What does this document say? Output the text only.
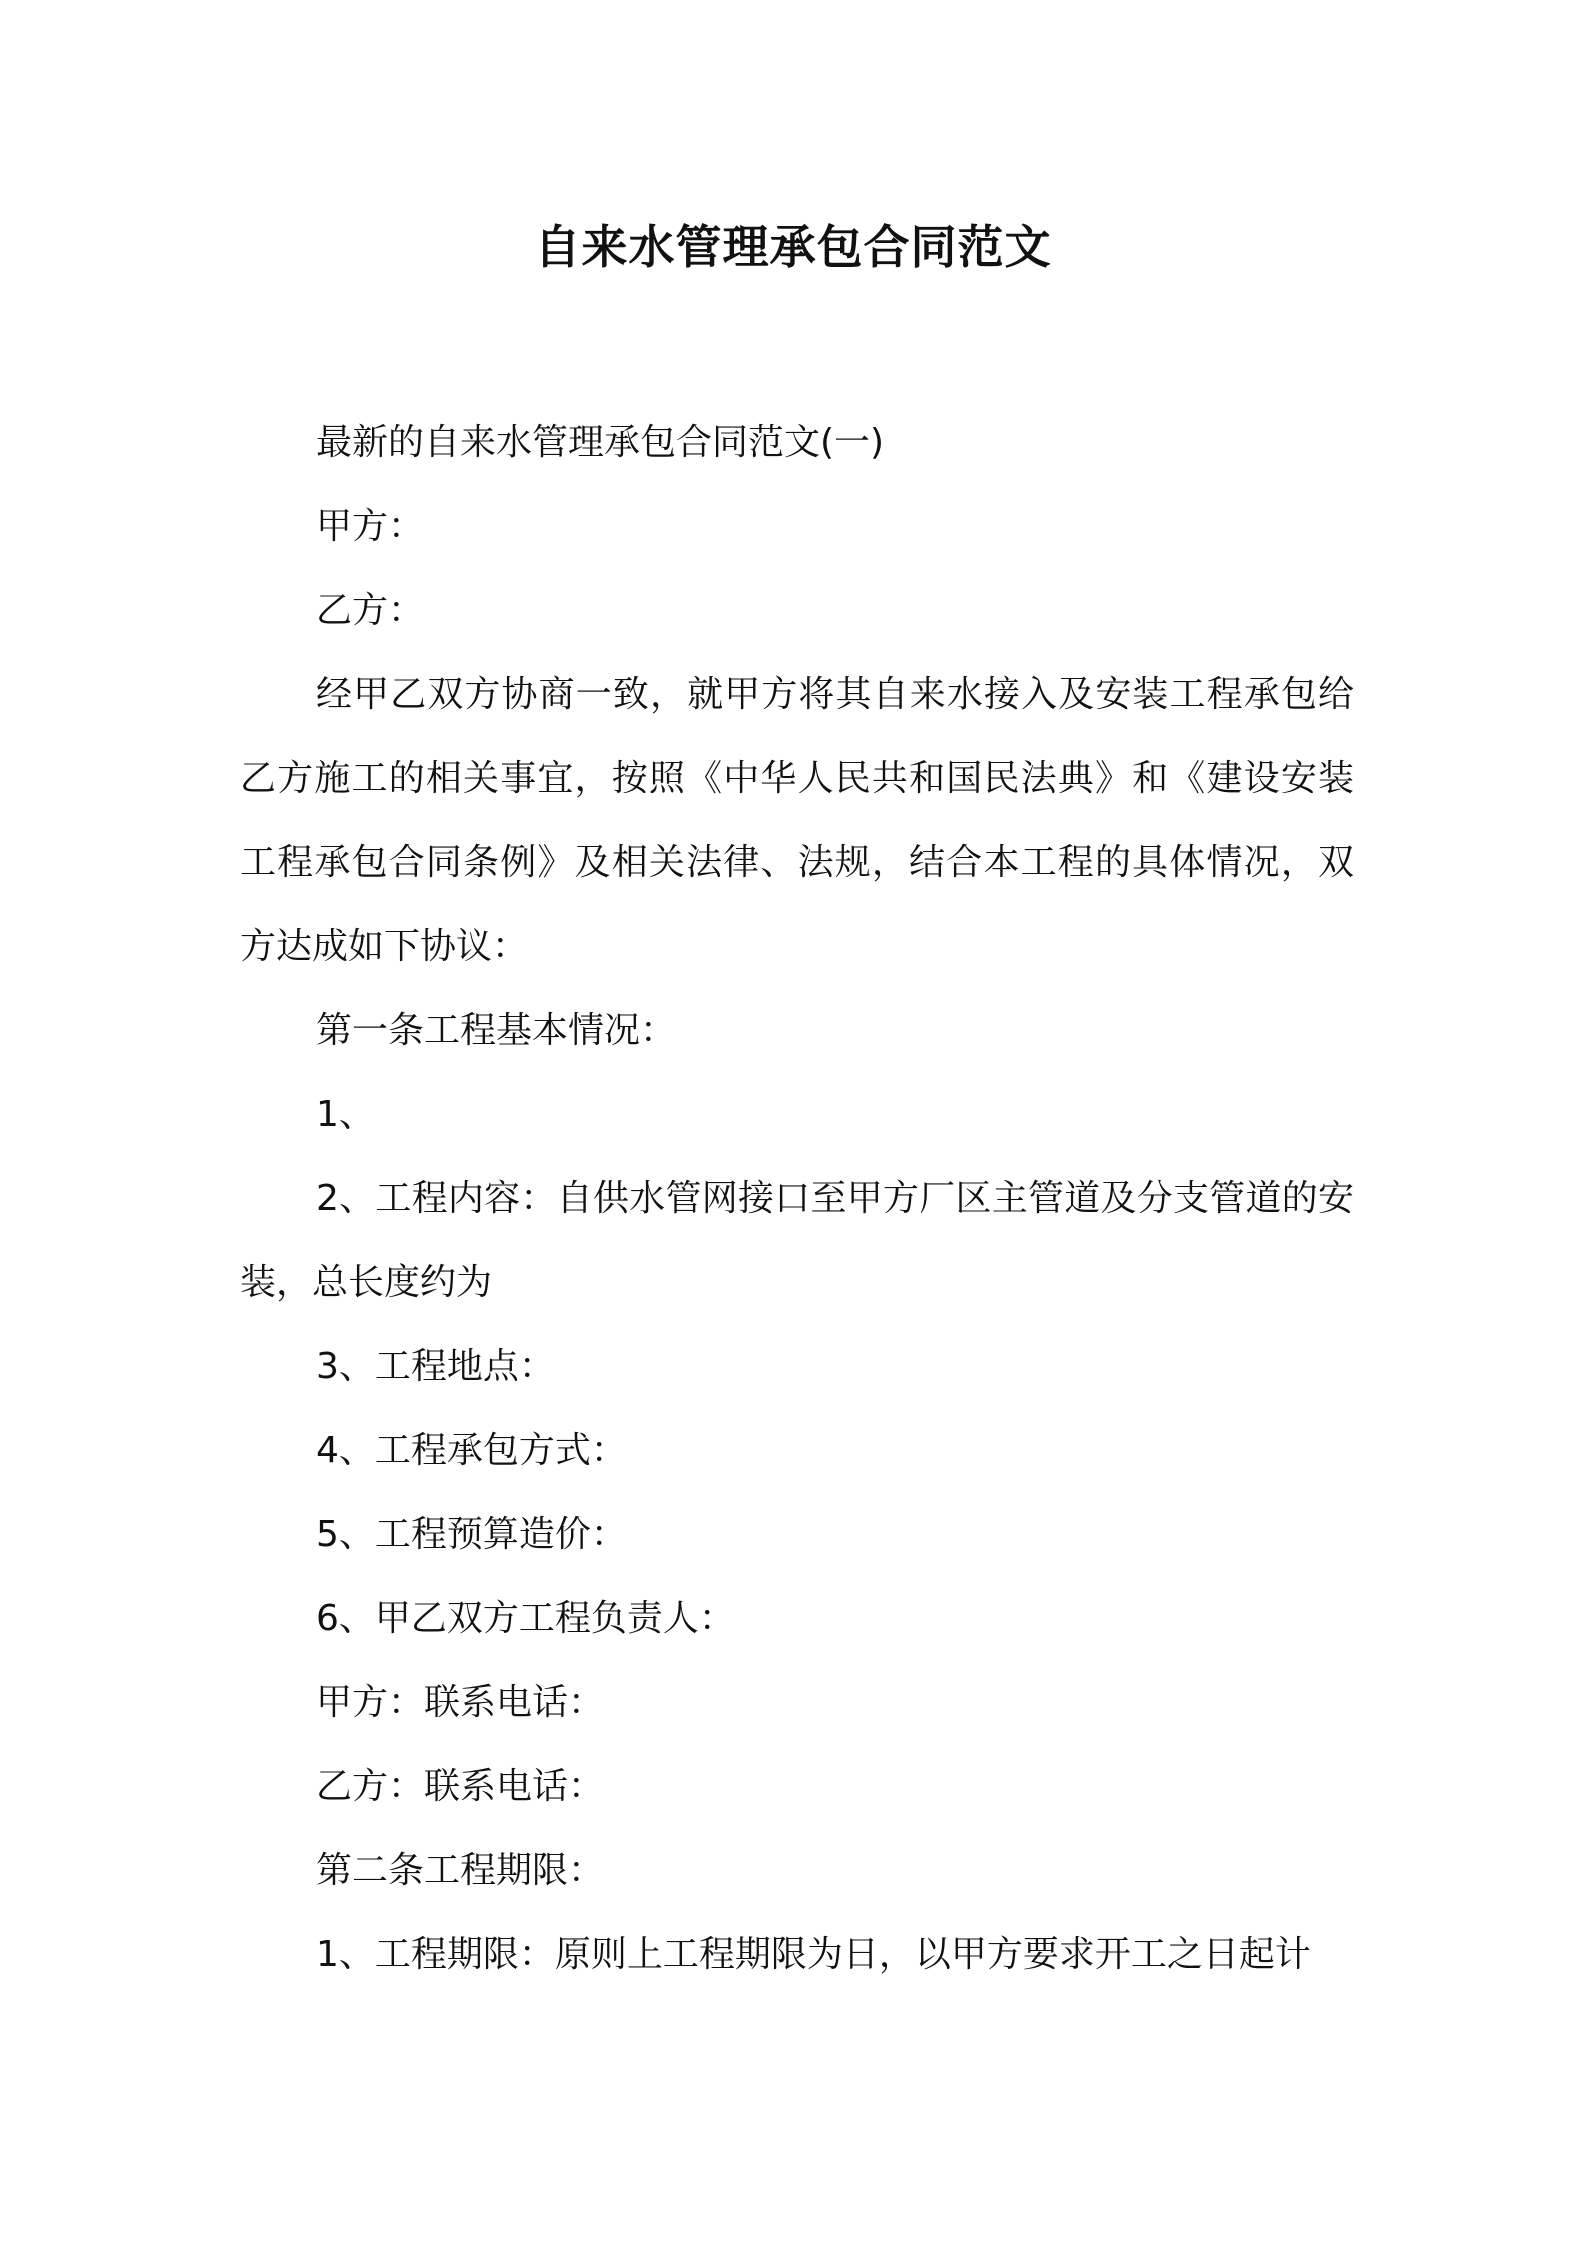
自来水管理承包合同范文

最新的自来水管理承包合同范文(一)

甲方：

乙方：

经甲乙双方协商一致，就甲方将其自来水接入及安装工程承包给乙方施工的相关事宜，按照《中华人民共和国民法典》和《建设安装工程承包合同条例》及相关法律、法规，结合本工程的具体情况，双方达成如下协议：

第一条工程基本情况：

1、

2、工程内容：自供水管网接口至甲方厂区主管道及分支管道的安装，总长度约为

3、工程地点：

4、工程承包方式：

5、工程预算造价：

6、甲乙双方工程负责人：

甲方：联系电话：

乙方：联系电话：

第二条工程期限：

1、工程期限：原则上工程期限为日，以甲方要求开工之日起计
